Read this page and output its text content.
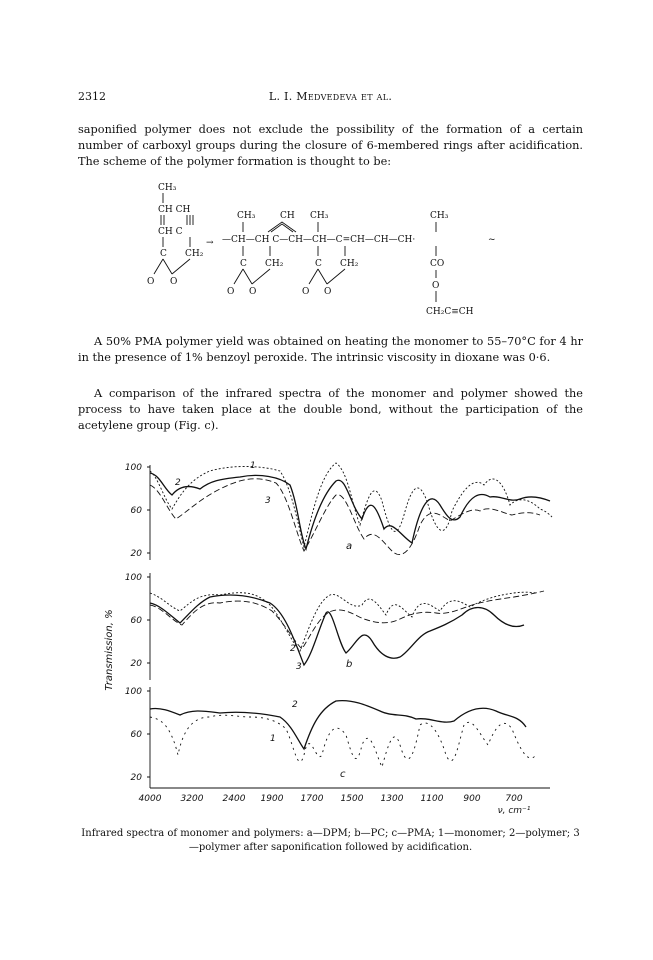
2312	L. I. Medvedeva et al.

saponified polymer does not exclude the possibility of the formation of a certain number of carboxyl groups during the closure of 6-membered rings after acidification. The scheme of the polymer formation is thought to be:

CH₃
CH CH
CH C
C CH₂
O O
→
CH₃	CH CH₃	CH₃
—CH—CH C—CH—CH—C=CH—CH—CH·	~
C CH₂	C CH₂	CO
O O	O O
O
CH₂C≡CH

A 50% PMA polymer yield was obtained on heating the monomer to 55–70°C for 4 hr in the presence of 1% benzoyl peroxide. The intrinsic viscosity in dioxane was 0·6.

A comparison of the infrared spectra of the monomer and polymer showed the process to have taken place at the double bond, without the participation of the acetylene group (Fig. c).

Transmission, %
100
60
20
1
2
3
a
100
60
20
2
3	b
100
60
20
1
2
c
4000 3200 2400 1900 1700 1500 1300 1100 900	700
ν, cm⁻¹

Infrared spectra of monomer and polymers: a—DPM; b—PC; c—PMA; 1—monomer; 2—polymer; 3—polymer after saponification followed by acidification.
